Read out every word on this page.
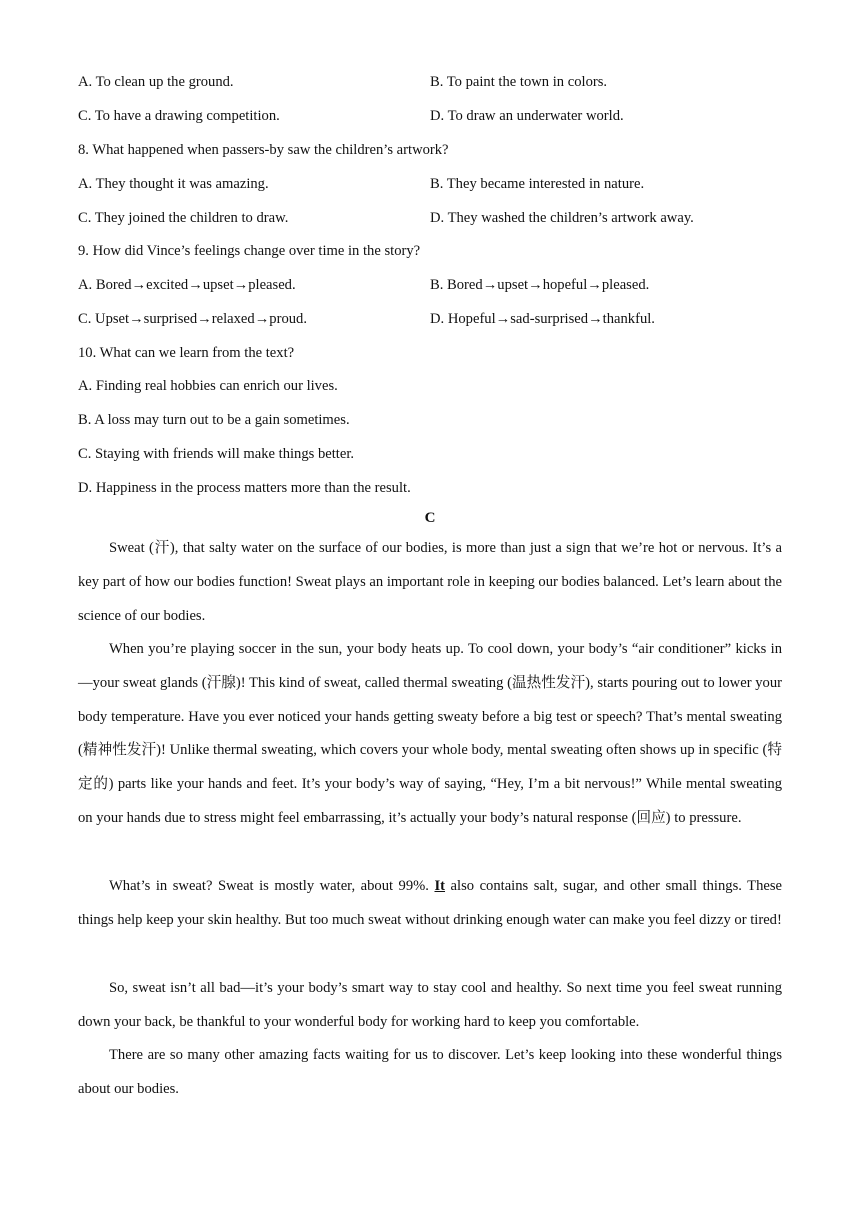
A. To clean up the ground.	B. To paint the town in colors.
C. To have a drawing competition.	D. To draw an underwater world.
8. What happened when passers-by saw the children’s artwork?
A. They thought it was amazing.	B. They became interested in nature.
C. They joined the children to draw.	D. They washed the children’s artwork away.
9. How did Vince’s feelings change over time in the story?
A. Bored→excited→upset→pleased.	B. Bored→upset→hopeful→pleased.
C. Upset→surprised→relaxed→proud.	D. Hopeful→sad-surprised→thankful.
10. What can we learn from the text?
A. Finding real hobbies can enrich our lives.
B. A loss may turn out to be a gain sometimes.
C. Staying with friends will make things better.
D. Happiness in the process matters more than the result.
C
Sweat (汗), that salty water on the surface of our bodies, is more than just a sign that we’re hot or nervous. It’s a key part of how our bodies function! Sweat plays an important role in keeping our bodies balanced. Let’s learn about the science of our bodies.
When you’re playing soccer in the sun, your body heats up. To cool down, your body’s “air conditioner” kicks in—your sweat glands (汗腺)! This kind of sweat, called thermal sweating (温热性发汗), starts pouring out to lower your body temperature. Have you ever noticed your hands getting sweaty before a big test or speech? That’s mental sweating (精神性发汗)! Unlike thermal sweating, which covers your whole body, mental sweating often shows up in specific (特定的) parts like your hands and feet. It’s your body’s way of saying, “Hey, I’m a bit nervous!” While mental sweating on your hands due to stress might feel embarrassing, it’s actually your body’s natural response (回应) to pressure.
What’s in sweat? Sweat is mostly water, about 99%. It also contains salt, sugar, and other small things. These things help keep your skin healthy. But too much sweat without drinking enough water can make you feel dizzy or tired!
So, sweat isn’t all bad—it’s your body’s smart way to stay cool and healthy. So next time you feel sweat running down your back, be thankful to your wonderful body for working hard to keep you comfortable.
There are so many other amazing facts waiting for us to discover. Let’s keep looking into these wonderful things about our bodies.
